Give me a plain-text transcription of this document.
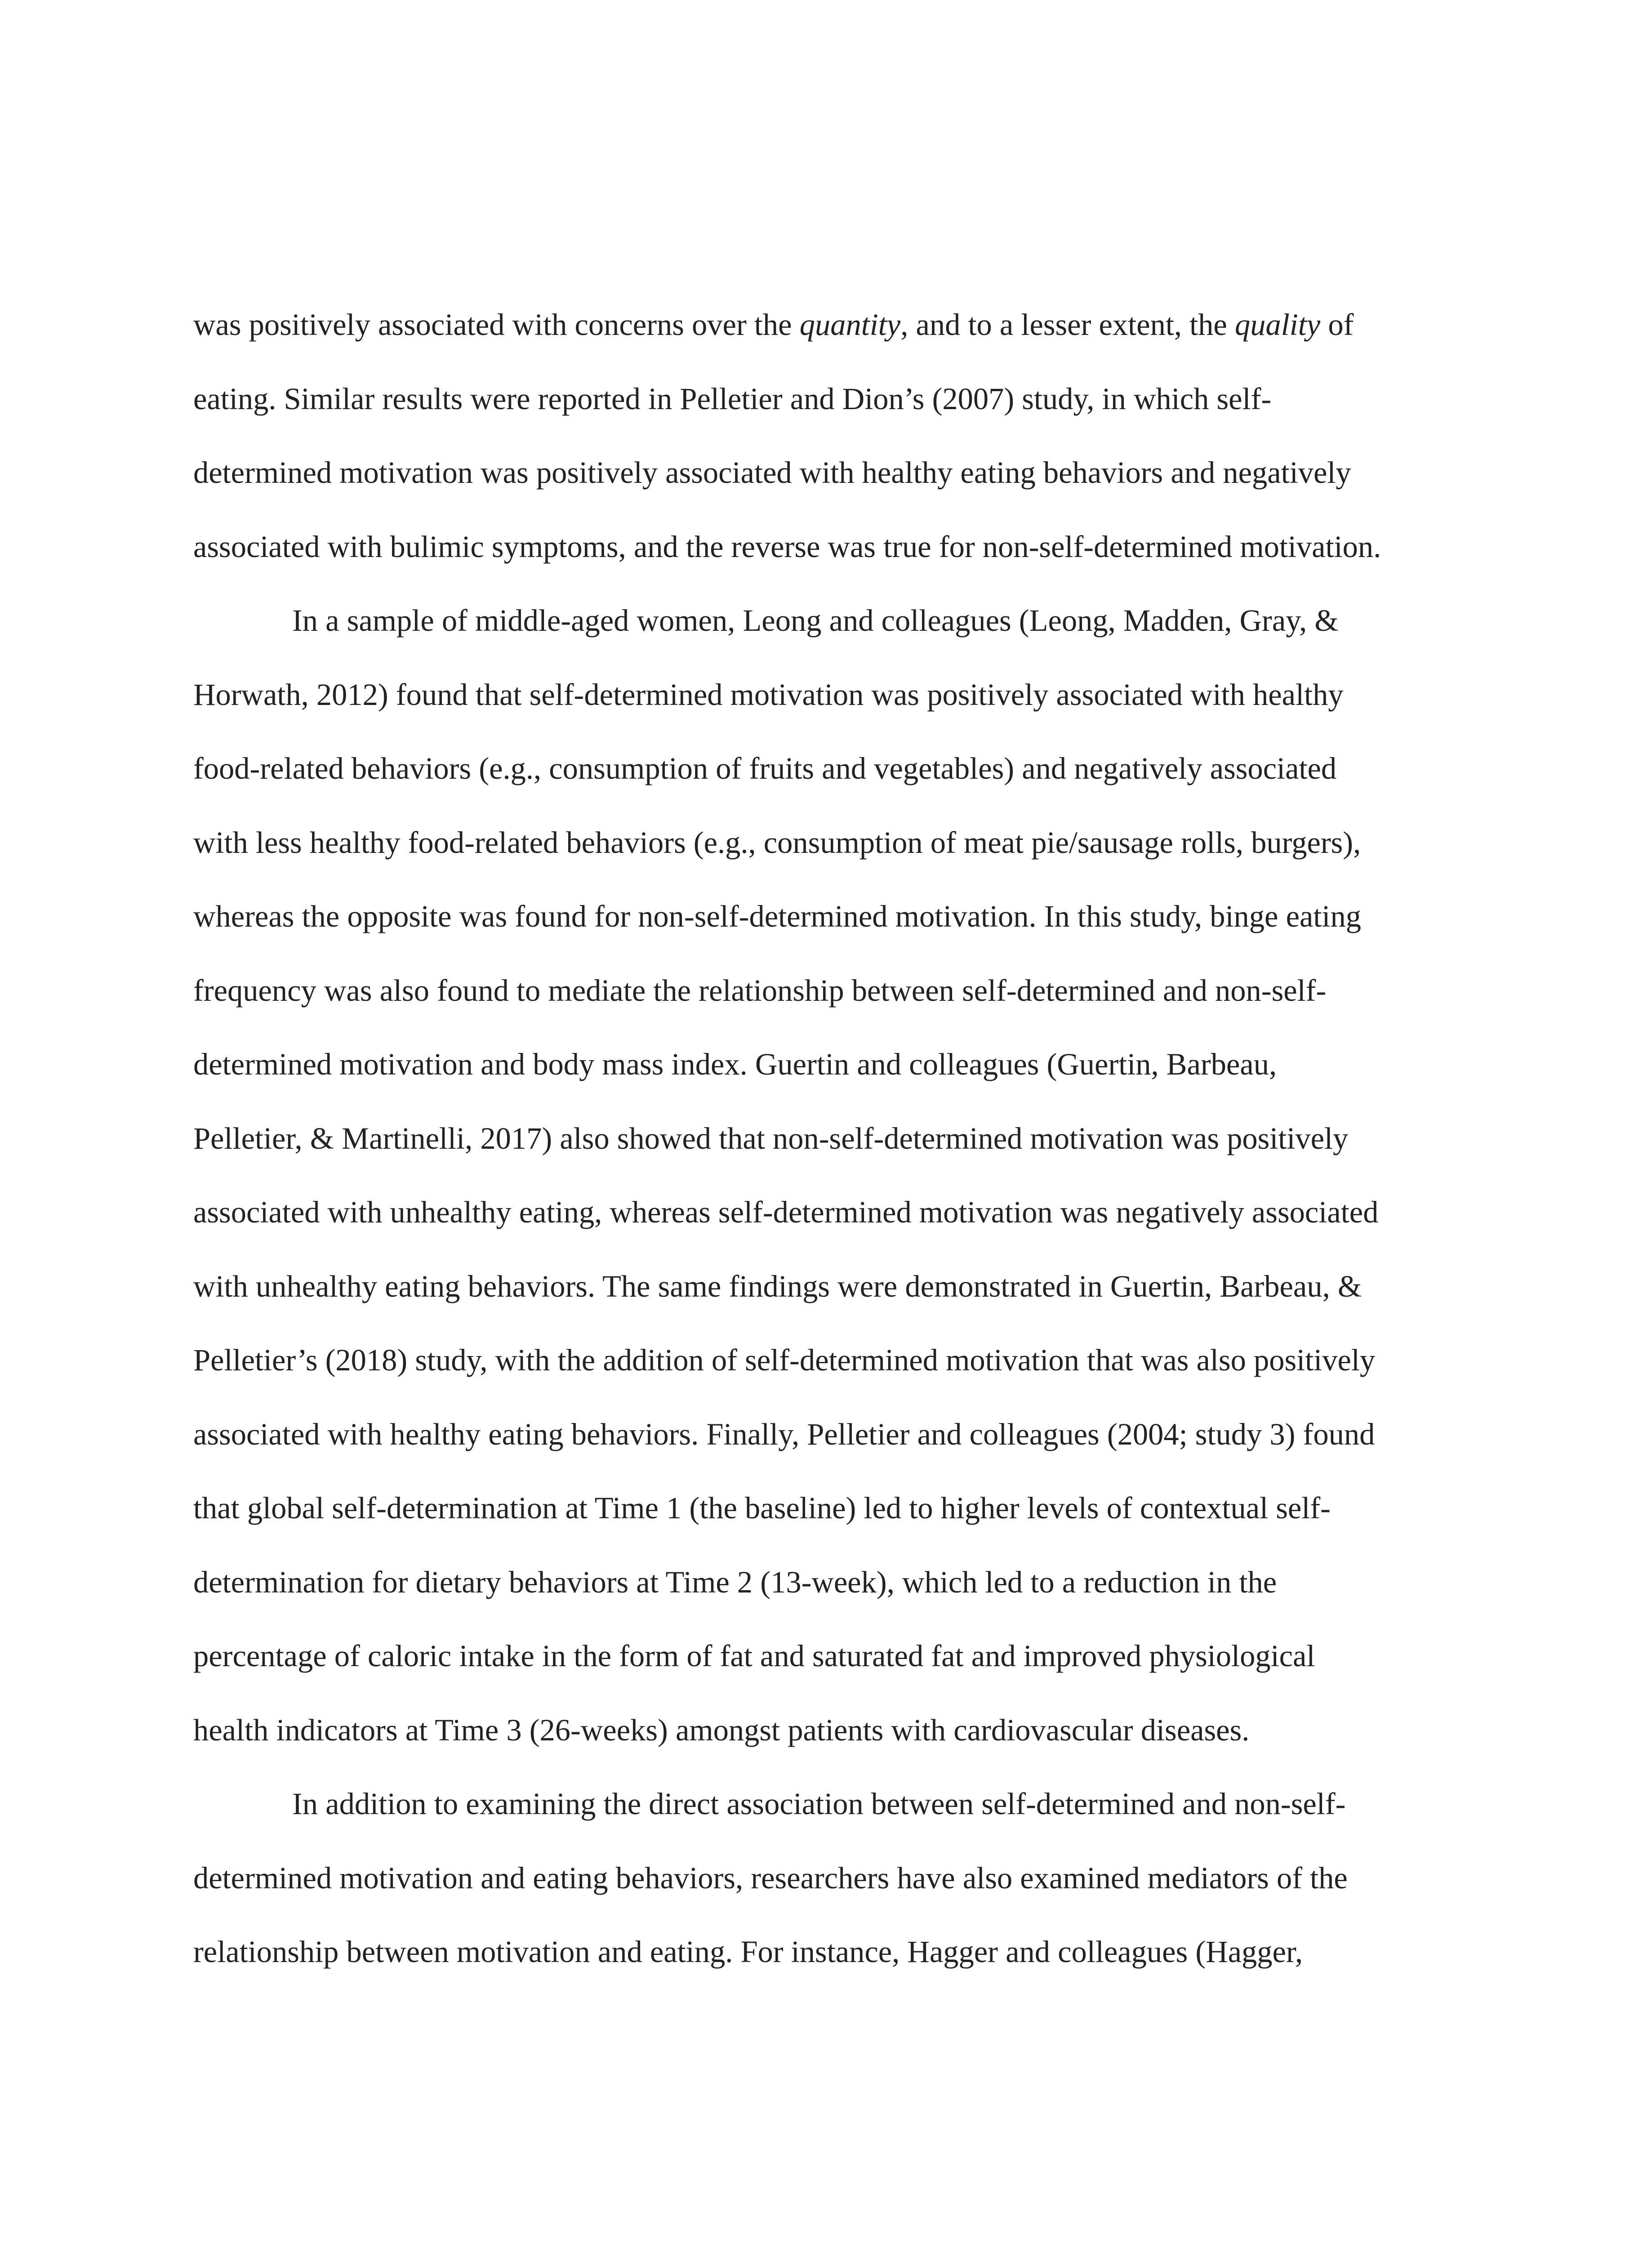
was positively associated with concerns over the quantity, and to a lesser extent, the quality of
eating. Similar results were reported in Pelletier and Dion’s (2007) study, in which self-
determined motivation was positively associated with healthy eating behaviors and negatively
associated with bulimic symptoms, and the reverse was true for non-self-determined motivation.
In a sample of middle-aged women, Leong and colleagues (Leong, Madden, Gray, &
Horwath, 2012) found that self-determined motivation was positively associated with healthy
food-related behaviors (e.g., consumption of fruits and vegetables) and negatively associated
with less healthy food-related behaviors (e.g., consumption of meat pie/sausage rolls, burgers),
whereas the opposite was found for non-self-determined motivation. In this study, binge eating
frequency was also found to mediate the relationship between self-determined and non-self-
determined motivation and body mass index. Guertin and colleagues (Guertin, Barbeau,
Pelletier, & Martinelli, 2017) also showed that non-self-determined motivation was positively
associated with unhealthy eating, whereas self-determined motivation was negatively associated
with unhealthy eating behaviors. The same findings were demonstrated in Guertin, Barbeau, &
Pelletier’s (2018) study, with the addition of self-determined motivation that was also positively
associated with healthy eating behaviors. Finally, Pelletier and colleagues (2004; study 3) found
that global self-determination at Time 1 (the baseline) led to higher levels of contextual self-
determination for dietary behaviors at Time 2 (13-week), which led to a reduction in the
percentage of caloric intake in the form of fat and saturated fat and improved physiological
health indicators at Time 3 (26-weeks) amongst patients with cardiovascular diseases.
In addition to examining the direct association between self-determined and non-self-
determined motivation and eating behaviors, researchers have also examined mediators of the
relationship between motivation and eating. For instance, Hagger and colleagues (Hagger,
